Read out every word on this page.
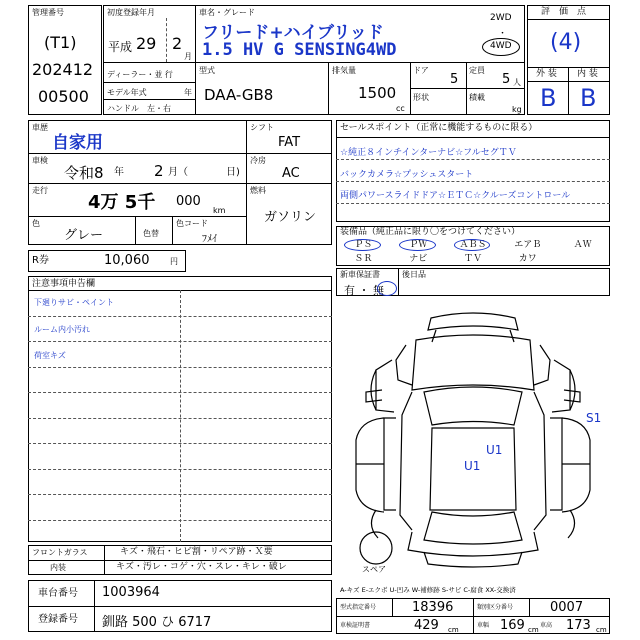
管理番号
(T1)
202412
00500
初度登録年月
平成 29 2
月
車名・グレード
フリード+ハイブリッド
1.5 HV G SENSING4WD
2WD
・
4WD
ディーラー・並 行
モデル年式	年
ハンドル　左・右
型式
DAA-GB8
排気量
1500
cc
ドア
5
形状
定員
5 人
積載
kg
評　価　点
(4)
外 装 内 装
B B
車歴
自家用
車検
令和8 年 2 月（	日)
走行
4万 5千 000
km
色
グレー	色替
色コード
ﾌﾒｲ
シフト
FAT
冷房
AC
燃料
ガソリン
セールスポイント（正常に機能するものに限る）
☆純正８インチインターナビ☆フルセグＴＶ
バックカメラ☆プッシュスタート
両側パワースライドドア☆ＥＴＣ☆クルーズコントロール
装備品（純正品に限り〇をつけてください）
ＰＳ	ＰＷ	ＡＢＳ	エアＢ	ＡＷ
ＳＲ	ナビ	ＴＶ	カワ
新車保証書
有 ・ 無
後日品
R券	10,060	円
注意事項申告欄
下廻りサビ・ペイント
ルーム内小汚れ
荷室キズ
スペア
U1
U1
S1
フロントガラス	キズ・飛石・ヒビ割・リペア跡・Ｘ要
内装	キズ・汚レ・コゲ・穴・スレ・キレ・破レ
車台番号 1003964
登録番号 釧路 500 ひ 6717
A-キズ E-エクボ U-凹み W-補修跡 S-サビ C-腐食 XX-交換済
型式指定番号	18396	類別区分番号	0007
車検証明書	429 cm
車幅 169 cm
車高 173 cm
